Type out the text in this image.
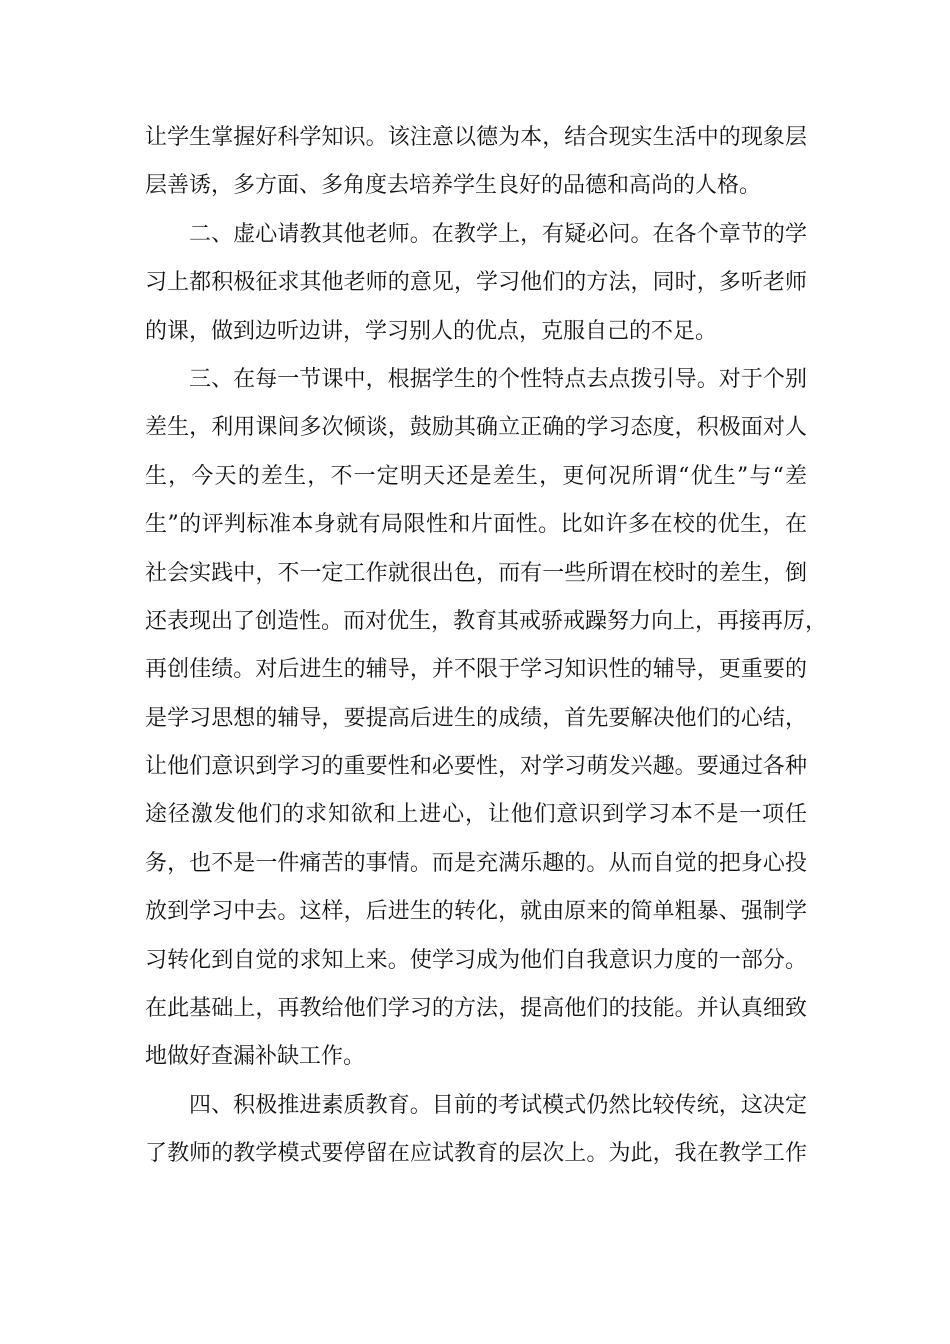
让学生掌握好科学知识。该注意以德为本，结合现实生活中的现象层
层善诱，多方面、多角度去培养学生良好的品德和高尚的人格。
二、虚心请教其他老师。在教学上，有疑必问。在各个章节的学
习上都积极征求其他老师的意见，学习他们的方法，同时，多听老师
的课，做到边听边讲，学习别人的优点，克服自己的不足。
三、在每一节课中，根据学生的个性特点去点拨引导。对于个别
差生，利用课间多次倾谈，鼓励其确立正确的学习态度，积极面对人
生，今天的差生，不一定明天还是差生，更何况所谓“优生”与“差
生”的评判标准本身就有局限性和片面性。比如许多在校的优生，在
社会实践中，不一定工作就很出色，而有一些所谓在校时的差生，倒
还表现出了创造性。而对优生，教育其戒骄戒躁努力向上，再接再厉，
再创佳绩。对后进生的辅导，并不限于学习知识性的辅导，更重要的
是学习思想的辅导，要提高后进生的成绩，首先要解决他们的心结，
让他们意识到学习的重要性和必要性，对学习萌发兴趣。要通过各种
途径激发他们的求知欲和上进心，让他们意识到学习本不是一项任
务，也不是一件痛苦的事情。而是充满乐趣的。从而自觉的把身心投
放到学习中去。这样，后进生的转化，就由原来的简单粗暴、强制学
习转化到自觉的求知上来。使学习成为他们自我意识力度的一部分。
在此基础上，再教给他们学习的方法，提高他们的技能。并认真细致
地做好查漏补缺工作。
四、积极推进素质教育。目前的考试模式仍然比较传统，这决定
了教师的教学模式要停留在应试教育的层次上。为此，我在教学工作
